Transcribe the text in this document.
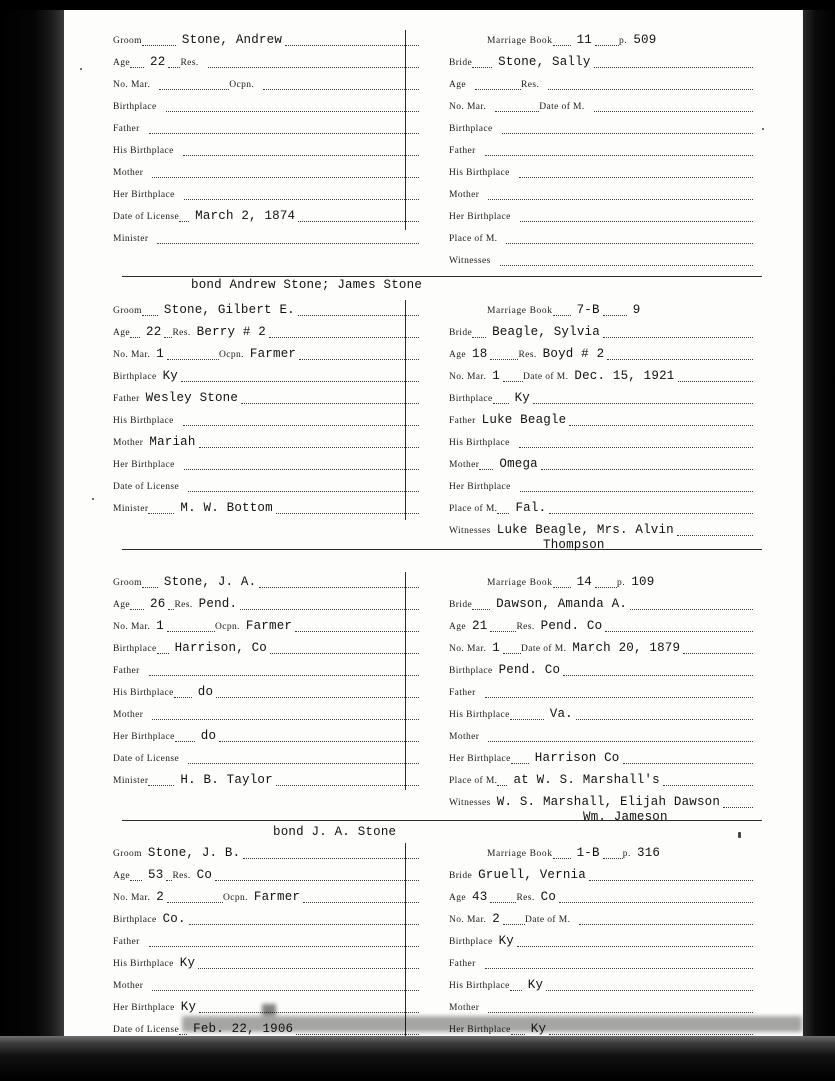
Groom	Stone, Andrew
Age	22	Res.
No. Mar.	Ocpn.
Birthplace
Father
His Birthplace
Mother
Her Birthplace
Date of License	March 2, 1874
Minister
Marriage Book	11	p. 509
Bride	Stone, Sally
Age	Res.
No. Mar.	Date of M.
Birthplace
Father
His Birthplace
Mother
Her Birthplace
Place of M.
Witnesses
bond Andrew Stone; James Stone
Groom	Stone, Gilbert E.
Age	22	Res. Berry # 2
No. Mar. 1	Ocpn. Farmer
Birthplace Ky
Father Wesley Stone
His Birthplace
Mother Mariah
Her Birthplace
Date of License
Minister	M. W. Bottom
Marriage Book	7-B	9
Bride	Beagle, Sylvia
Age 18	Res. Boyd # 2
No. Mar. 1	Date of M. Dec. 15, 1921
Birthplace	Ky
Father Luke Beagle
His Birthplace
Mother	Omega
Her Birthplace
Place of M.	Fal.
Witnesses Luke Beagle, Mrs. Alvin
Thompson
Groom	Stone, J. A.
Age	26 Res. Pend.
No. Mar. 1	Ocpn. Farmer
Birthplace	Harrison, Co
Father
His Birthplace	do
Mother
Her Birthplace	do
Date of License
Minister	H. B. Taylor
Marriage Book	14	p. 109
Bride	Dawson, Amanda A.
Age 21	Res. Pend. Co
No. Mar. 1	Date of M. March 20, 1879
Birthplace Pend. Co
Father
His Birthplace	Va.
Mother
Her Birthplace	Harrison Co
Place of M.	at W. S. Marshall's
Witnesses W. S. Marshall, Elijah Dawson
Wm. Jameson
bond J. A. Stone
Groom Stone, J. B.
Age	53 Res. Co
No. Mar. 2	Ocpn. Farmer
Birthplace Co.
Father
His Birthplace Ky
Mother
Her Birthplace Ky
Date of License	Feb. 22, 1906
Marriage Book	1-B	p. 316
Bride Gruell, Vernia
Age 43	Res. Co
No. Mar. 2	Date of M.
Birthplace Ky
Father
His Birthplace	Ky
Mother
Her Birthplace	Ky
